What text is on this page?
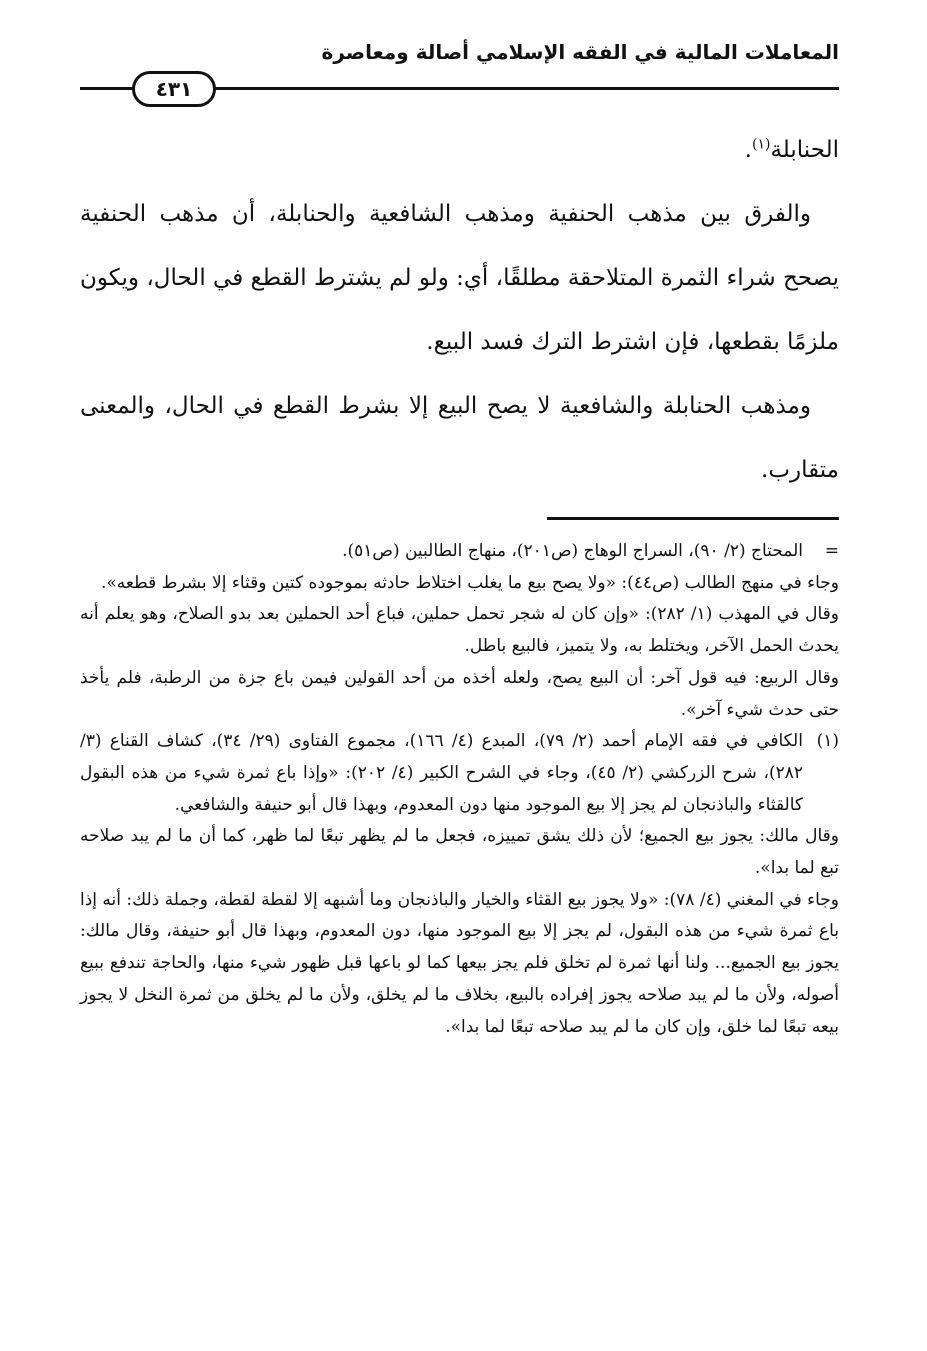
المعاملات المالية في الفقه الإسلامي أصالة ومعاصرة
٤٣١

الحنابلة$^{(١)}$.

والفرق بين مذهب الحنفية ومذهب الشافعية والحنابلة، أن مذهب الحنفية يصحح شراء الثمرة المتلاحقة مطلقًا، أي: ولو لم يشترط القطع في الحال، ويكون ملزمًا بقطعها، فإن اشترط الترك فسد البيع.

ومذهب الحنابلة والشافعية لا يصح البيع إلا بشرط القطع في الحال، والمعنى متقارب.

=
المحتاج (٢/ ٩٠)، السراج الوهاج (ص٢٠١)، منهاج الطالبين (ص٥١).

وجاء في منهج الطالب (ص٤٤): «ولا يصح بيع ما يغلب اختلاط حادثه بموجوده كتين وقثاء إلا بشرط قطعه».

وقال في المهذب (١/ ٢٨٢): «وإن كان له شجر تحمل حملين، فباع أحد الحملين بعد بدو الصلاح، وهو يعلم أنه يحدث الحمل الآخر، ويختلط به، ولا يتميز، فالبيع باطل.

وقال الربيع: فيه قول آخر: أن البيع يصح، ولعله أخذه من أحد القولين فيمن باع جزة من الرطبة، فلم يأخذ حتى حدث شيء آخر».

(١)
الكافي في فقه الإمام أحمد (٢/ ٧٩)، المبدع (٤/ ١٦٦)، مجموع الفتاوى (٢٩/ ٣٤)، كشاف القناع (٣/ ٢٨٢)، شرح الزركشي (٢/ ٤٥)، وجاء في الشرح الكبير (٤/ ٢٠٢): «وإذا باع ثمرة شيء من هذه البقول كالقثاء والباذنجان لم يجز إلا بيع الموجود منها دون المعدوم، وبهذا قال أبو حنيفة والشافعي.

وقال مالك: يجوز بيع الجميع؛ لأن ذلك يشق تمييزه، فجعل ما لم يظهر تبعًا لما ظهر، كما أن ما لم يبد صلاحه تبع لما بدا».

وجاء في المغني (٤/ ٧٨): «ولا يجوز بيع القثاء والخيار والباذنجان وما أشبهه إلا لقطة لقطة، وجملة ذلك: أنه إذا باع ثمرة شيء من هذه البقول، لم يجز إلا بيع الموجود منها، دون المعدوم، وبهذا قال أبو حنيفة، وقال مالك: يجوز بيع الجميع... ولنا أنها ثمرة لم تخلق فلم يجز بيعها كما لو باعها قبل ظهور شيء منها، والحاجة تندفع ببيع أصوله، ولأن ما لم يبد صلاحه يجوز إفراده بالبيع، بخلاف ما لم يخلق، ولأن ما لم يخلق من ثمرة النخل لا يجوز بيعه تبعًا لما خلق، وإن كان ما لم يبد صلاحه تبعًا لما بدا».
